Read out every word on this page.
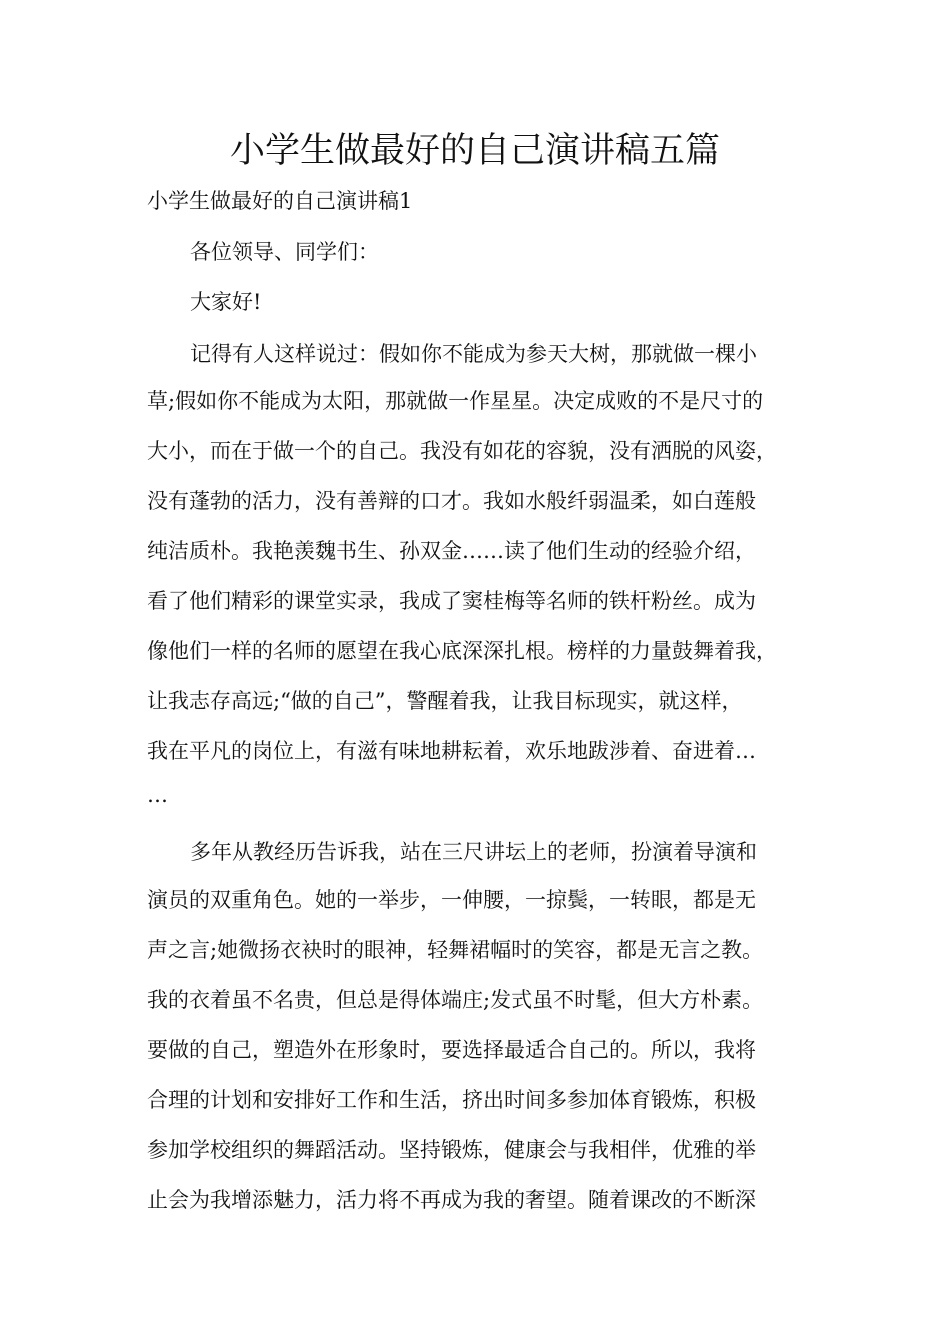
小学生做最好的自己演讲稿五篇

小学生做最好的自己演讲稿1

各位领导、同学们：

大家好!

记得有人这样说过：假如你不能成为参天大树，那就做一棵小

草;假如你不能成为太阳，那就做一作星星。决定成败的不是尺寸的

大小，而在于做一个的自己。我没有如花的容貌，没有洒脱的风姿，

没有蓬勃的活力，没有善辩的口才。我如水般纤弱温柔，如白莲般

纯洁质朴。我艳羡魏书生、孙双金……读了他们生动的经验介绍，

看了他们精彩的课堂实录，我成了窦桂梅等名师的铁杆粉丝。成为

像他们一样的名师的愿望在我心底深深扎根。榜样的力量鼓舞着我，

让我志存高远;“做的自己”，警醒着我，让我目标现实，就这样，

我在平凡的岗位上，有滋有味地耕耘着，欢乐地跋涉着、奋进着…

…

多年从教经历告诉我，站在三尺讲坛上的老师，扮演着导演和

演员的双重角色。她的一举步，一伸腰，一掠鬓，一转眼，都是无

声之言;她微扬衣袂时的眼神，轻舞裙幅时的笑容，都是无言之教。

我的衣着虽不名贵，但总是得体端庄;发式虽不时髦，但大方朴素。

要做的自己，塑造外在形象时，要选择最适合自己的。所以，我将

合理的计划和安排好工作和生活，挤出时间多参加体育锻炼，积极

参加学校组织的舞蹈活动。坚持锻炼，健康会与我相伴，优雅的举

止会为我增添魅力，活力将不再成为我的奢望。随着课改的不断深
